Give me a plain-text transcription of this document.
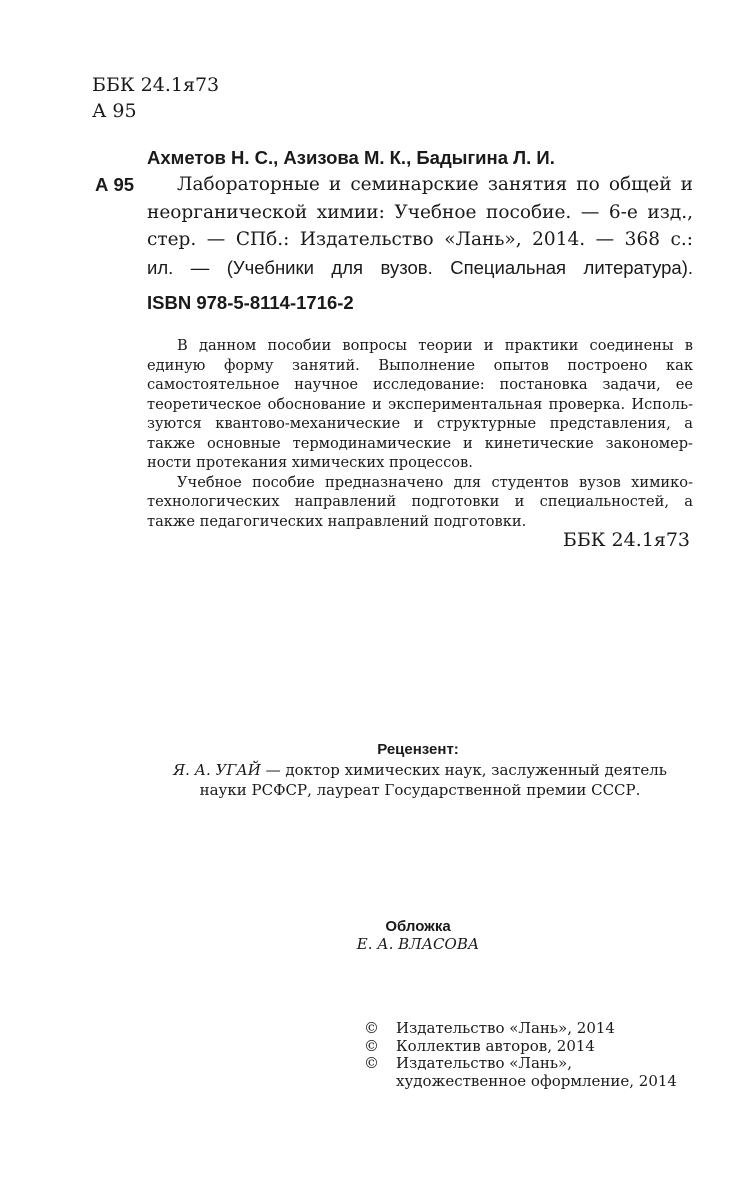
ББК 24.1я73
А 95
Ахметов Н. С., Азизова М. К., Бадыгина Л. И.
А 95 Лабораторные и семинарские занятия по общей и
неорганической химии: Учебное пособие. — 6-е изд.,
стер. — СПб.: Издательство «Лань», 2014. — 368 с.:
ил. — (Учебники для вузов. Специальная литература).
ISBN 978-5-8114-1716-2

В данном пособии вопросы теории и практики соединены в
единую форму занятий. Выполнение опытов построено как
самостоятельное научное исследование: постановка задачи, ее
теоретическое обоснование и экспериментальная проверка. Исполь-
зуются квантово-механические и структурные представления, а
также основные термодинамические и кинетические закономер-
ности протекания химических процессов.

Учебное пособие предназначено для студентов вузов химико-
технологических направлений подготовки и специальностей, а
также педагогических направлений подготовки.

ББК 24.1я73
Рецензент:
Я. А. УГАЙ — доктор химических наук, заслуженный деятель
науки РСФСР, лауреат Государственной премии СССР.
Обложка
Е. А. ВЛАСОВА
© Издательство «Лань», 2014
© Коллектив авторов, 2014
© Издательство «Лань»,
художественное оформление, 2014
